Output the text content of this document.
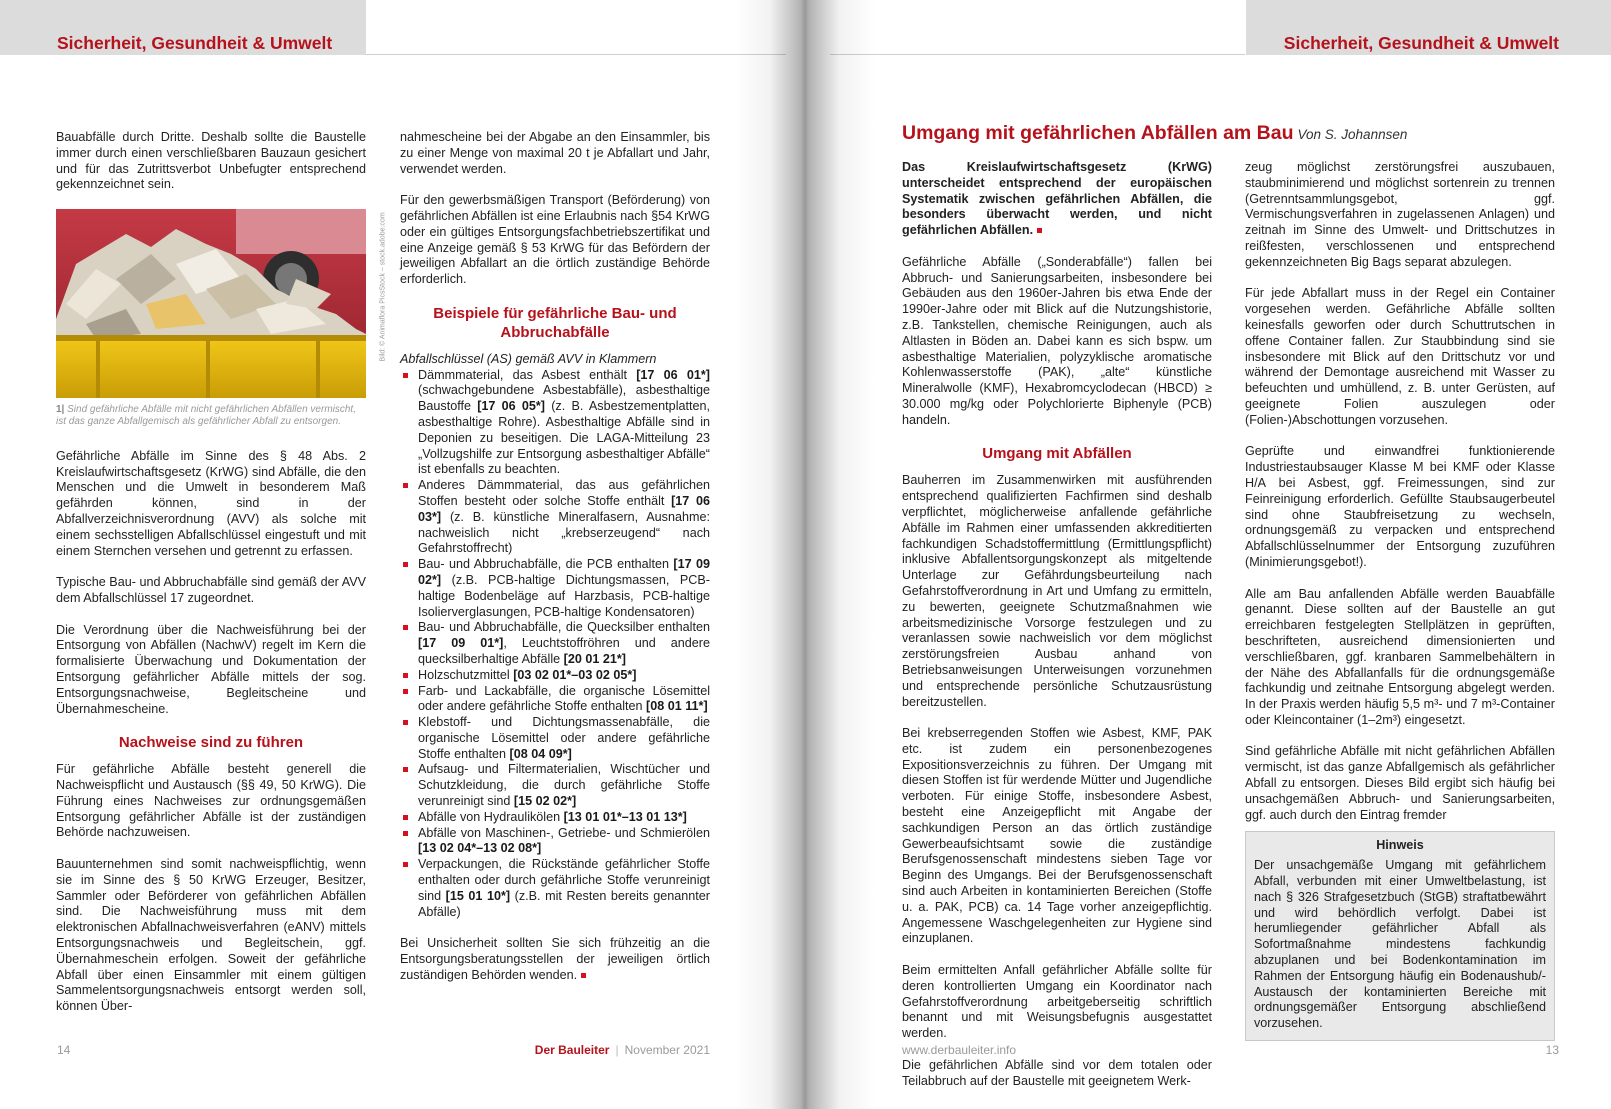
Sicherheit, Gesundheit & Umwelt

Bauabfälle durch Dritte. Deshalb sollte die Baustelle immer durch einen verschließbaren Bauzaun gesichert und für das Zutrittsverbot Unbefugter entsprechend gekennzeichnet sein.

Bild: © Animaflora PicsStock – stock.adobe.com
1| Sind gefährliche Abfälle mit nicht gefährlichen Abfällen vermischt, ist das ganze Abfallgemisch als gefährlicher Abfall zu entsorgen.

Gefährliche Abfälle im Sinne des § 48 Abs. 2 Kreislaufwirtschaftsgesetz (KrWG) sind Abfälle, die den Menschen und die Umwelt in besonderem Maß gefährden können, sind in der Abfallverzeichnisverordnung (AVV) als solche mit einem sechsstelligen Abfallschlüssel eingestuft und mit einem Sternchen versehen und getrennt zu erfassen.

Typische Bau- und Abbruchabfälle sind gemäß der AVV dem Abfallschlüssel 17 zugeordnet.

Die Verordnung über die Nachweisführung bei der Entsorgung von Abfällen (NachwV) regelt im Kern die formalisierte Überwachung und Dokumentation der Entsorgung gefährlicher Abfälle mittels der sog. Entsorgungsnachweise, Begleitscheine und Übernahmescheine.

Nachweise sind zu führen

Für gefährliche Abfälle besteht generell die Nachweispflicht und Austausch (§§ 49, 50 KrWG). Die Führung eines Nachweises zur ordnungsgemäßen Entsorgung gefährlicher Abfälle ist der zuständigen Behörde nachzuweisen.

Bauunternehmen sind somit nachweispflichtig, wenn sie im Sinne des § 50 KrWG Erzeuger, Besitzer, Sammler oder Beförderer von gefährlichen Abfällen sind. Die Nachweisführung muss mit dem elektronischen Abfallnachweisverfahren (eANV) mittels Entsorgungsnachweis und Begleitschein, ggf. Übernahmeschein erfolgen. Soweit der gefährliche Abfall über einen Einsammler mit einem gültigen Sammelentsorgungsnachweis entsorgt werden soll, können Über-

nahmescheine bei der Abgabe an den Einsammler, bis zu einer Menge von maximal 20 t je Abfallart und Jahr, verwendet werden.

Für den gewerbsmäßigen Transport (Beförderung) von gefährlichen Abfällen ist eine Erlaubnis nach §54 KrWG oder ein gültiges Entsorgungsfachbetriebszertifikat und eine Anzeige gemäß § 53 KrWG für das Befördern der jeweiligen Abfallart an die örtlich zuständige Behörde erforderlich.

Beispiele für gefährliche Bau- und Abbruchabfälle

Abfallschlüssel (AS) gemäß AVV in Klammern

Dämmmaterial, das Asbest enthält [17 06 01*] (schwachgebundene Asbestabfälle), asbesthaltige Baustoffe [17 06 05*] (z. B. Asbestzementplatten, asbesthaltige Rohre). Asbesthaltige Abfälle sind in Deponien zu beseitigen. Die LAGA-Mitteilung 23 „Vollzugshilfe zur Entsorgung asbesthaltiger Abfälle“ ist ebenfalls zu beachten.
Anderes Dämmmaterial, das aus gefährlichen Stoffen besteht oder solche Stoffe enthält [17 06 03*] (z. B. künstliche Mineralfasern, Ausnahme: nachweislich nicht „krebserzeugend“ nach Gefahrstoffrecht)
Bau- und Abbruchabfälle, die PCB enthalten [17 09 02*] (z.B. PCB-haltige Dichtungsmassen, PCB-haltige Bodenbeläge auf Harzbasis, PCB-haltige Isolierverglasungen, PCB-haltige Kondensatoren)
Bau- und Abbruchabfälle, die Quecksilber enthalten [17 09 01*], Leuchtstoffröhren und andere quecksilberhaltige Abfälle [20 01 21*]
Holzschutzmittel [03 02 01*–03 02 05*]
Farb- und Lackabfälle, die organische Lösemittel oder andere gefährliche Stoffe enthalten [08 01 11*]
Klebstoff- und Dichtungsmassenabfälle, die organische Lösemittel oder andere gefährliche Stoffe enthalten [08 04 09*]
Aufsaug- und Filtermaterialien, Wischtücher und Schutzkleidung, die durch gefährliche Stoffe verunreinigt sind [15 02 02*]
Abfälle von Hydraulikölen [13 01 01*–13 01 13*]
Abfälle von Maschinen-, Getriebe- und Schmierölen [13 02 04*–13 02 08*]
Verpackungen, die Rückstände gefährlicher Stoffe enthalten oder durch gefährliche Stoffe verunreinigt sind [15 01 10*] (z.B. mit Resten bereits genannter Abfälle)

Bei Unsicherheit sollten Sie sich frühzeitig an die Entsorgungsberatungsstellen der jeweiligen örtlich zuständigen Behörden wenden.

14	Der Bauleiter | November 2021
Sicherheit, Gesundheit & Umwelt
Umgang mit gefährlichen Abfällen am Bau Von S. Johannsen

Das Kreislaufwirtschaftsgesetz (KrWG) unterscheidet entsprechend der europäischen Systematik zwischen gefährlichen Abfällen, die besonders überwacht werden, und nicht gefährlichen Abfällen.

Gefährliche Abfälle („Sonderabfälle“) fallen bei Abbruch- und Sanierungsarbeiten, insbesondere bei Gebäuden aus den 1960er-Jahren bis etwa Ende der 1990er-Jahre oder mit Blick auf die Nutzungshistorie, z.B. Tankstellen, chemische Reinigungen, auch als Altlasten in Böden an. Dabei kann es sich bspw. um asbesthaltige Materialien, polyzyklische aromatische Kohlenwasserstoffe (PAK), „alte“ künstliche Mineralwolle (KMF), Hexabromcyclodecan (HBCD) ≥ 30.000 mg/kg oder Polychlorierte Biphenyle (PCB) handeln.

Umgang mit Abfällen

Bauherren im Zusammenwirken mit ausführenden entsprechend qualifizierten Fachfirmen sind deshalb verpflichtet, möglicherweise anfallende gefährliche Abfälle im Rahmen einer umfassenden akkreditierten fachkundigen Schadstoffermittlung (Ermittlungspflicht) inklusive Abfallentsorgungskonzept als mitgeltende Unterlage zur Gefährdungsbeurteilung nach Gefahrstoffverordnung in Art und Umfang zu ermitteln, zu bewerten, geeignete Schutzmaßnahmen wie arbeitsmedizinische Vorsorge festzulegen und zu veranlassen sowie nachweislich vor dem möglichst zerstörungsfreien Ausbau anhand von Betriebsanweisungen Unterweisungen vorzunehmen und entsprechende persönliche Schutzausrüstung bereitzustellen.

Bei krebserregenden Stoffen wie Asbest, KMF, PAK etc. ist zudem ein personenbezogenes Expositionsverzeichnis zu führen. Der Umgang mit diesen Stoffen ist für werdende Mütter und Jugendliche verboten. Für einige Stoffe, insbesondere Asbest, besteht eine Anzeigepflicht mit Angabe der sachkundigen Person an das örtlich zuständige Gewerbeaufsichtsamt sowie die zuständige Berufsgenossenschaft mindestens sieben Tage vor Beginn des Umgangs. Bei der Berufsgenossenschaft sind auch Arbeiten in kontaminierten Bereichen (Stoffe u. a. PAK, PCB) ca. 14 Tage vorher anzeigepflichtig. Angemessene Waschgelegenheiten zur Hygiene sind einzuplanen.

Beim ermittelten Anfall gefährlicher Abfälle sollte für deren kontrollierten Umgang ein Koordinator nach Gefahrstoffverordnung arbeitgeberseitig schriftlich benannt und mit Weisungsbefugnis ausgestattet werden.

Die gefährlichen Abfälle sind vor dem totalen oder Teilabbruch auf der Baustelle mit geeignetem Werk-

zeug möglichst zerstörungsfrei auszubauen, staubminimierend und möglichst sortenrein zu trennen (Getrenntsammlungsgebot, ggf. Vermischungsverfahren in zugelassenen Anlagen) und zeitnah im Sinne des Umwelt- und Drittschutzes in reißfesten, verschlossenen und entsprechend gekennzeichneten Big Bags separat abzulegen.

Für jede Abfallart muss in der Regel ein Container vorgesehen werden. Gefährliche Abfälle sollten keinesfalls geworfen oder durch Schuttrutschen in offene Container fallen. Zur Staubbindung sind sie insbesondere mit Blick auf den Drittschutz vor und während der Demontage ausreichend mit Wasser zu befeuchten und umhüllend, z. B. unter Gerüsten, auf geeignete Folien auszulegen oder (Folien-)Abschottungen vorzusehen.

Geprüfte und einwandfrei funktionierende Industriestaubsauger Klasse M bei KMF oder Klasse H/A bei Asbest, ggf. Freimessungen, sind zur Feinreinigung erforderlich. Gefüllte Staubsaugerbeutel sind ohne Staubfreisetzung zu wechseln, ordnungsgemäß zu verpacken und entsprechend Abfallschlüsselnummer der Entsorgung zuzuführen (Minimierungsgebot!).

Alle am Bau anfallenden Abfälle werden Bauabfälle genannt. Diese sollten auf der Baustelle an gut erreichbaren festgelegten Stellplätzen in geprüften, beschrifteten, ausreichend dimensionierten und verschließbaren, ggf. kranbaren Sammelbehältern in der Nähe des Abfallanfalls für die ordnungsgemäße fachkundig und zeitnahe Entsorgung abgelegt werden. In der Praxis werden häufig 5,5 m³- und 7 m³-Container oder Kleincontainer (1–2m³) eingesetzt.

Sind gefährliche Abfälle mit nicht gefährlichen Abfällen vermischt, ist das ganze Abfallgemisch als gefährlicher Abfall zu entsorgen. Dieses Bild ergibt sich häufig bei unsachgemäßen Abbruch- und Sanierungsarbeiten, ggf. auch durch den Eintrag fremder

Hinweis
Der unsachgemäße Umgang mit gefährlichem Abfall, verbunden mit einer Umweltbelastung, ist nach § 326 Strafgesetzbuch (StGB) straftatbewährt und wird behördlich verfolgt. Dabei ist herumliegender gefährlicher Abfall als Sofortmaßnahme mindestens fachkundig abzuplanen und bei Bodenkontamination im Rahmen der Entsorgung häufig ein Bodenaushub/-Austausch der kontaminierten Bereiche mit ordnungsgemäßer Entsorgung abschließend vorzusehen.
www.derbauleiter.info	13
